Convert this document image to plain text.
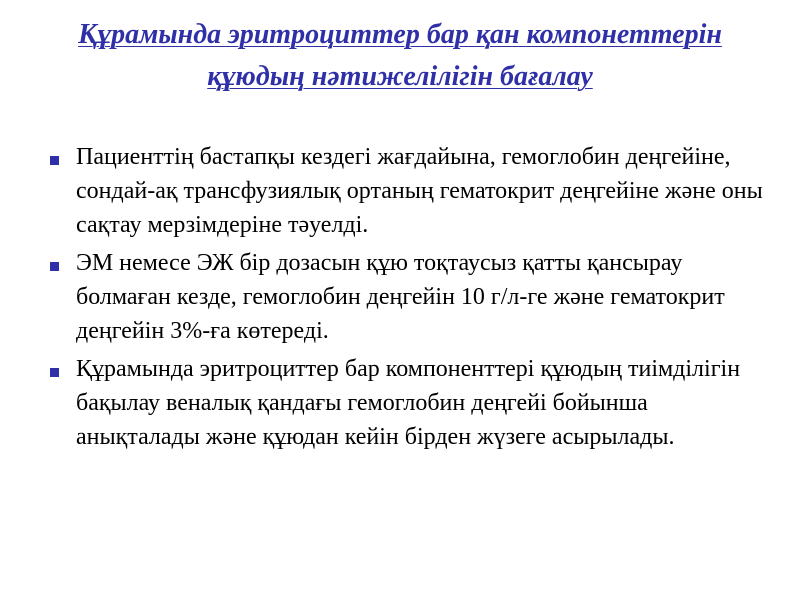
Құрамында эритроциттер бар қан компонеттерін құюдың нәтижелілігін бағалау
Пациенттің бастапқы кездегі жағдайына, гемоглобин деңгейіне, сондай-ақ трансфузиялық ортаның гематокрит деңгейіне және оны сақтау мерзімдеріне тәуелді.
ЭМ немесе ЭЖ бір дозасын құю тоқтаусыз қатты қансырау болмаған кезде, гемоглобин деңгейін 10 г/л-ге және гематокрит деңгейін 3%-ға көтереді.
Құрамында эритроциттер бар компоненттері құюдың тиімділігін бақылау веналық қандағы гемоглобин деңгейі бойынша анықталады және құюдан кейін бірден жүзеге асырылады.
